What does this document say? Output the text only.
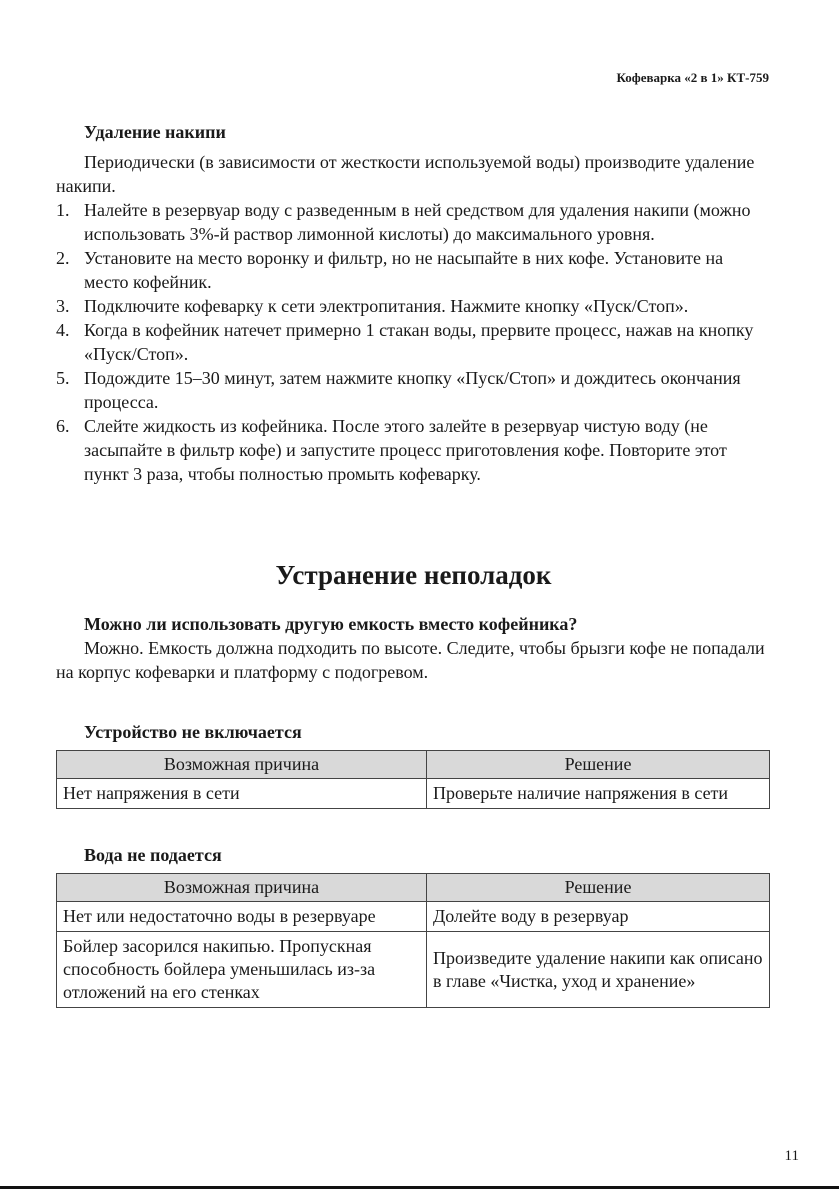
Кофеварка «2 в 1» КТ-759
Удаление накипи

Периодически (в зависимости от жесткости используемой воды) производите удаление накипи.

1. Налейте в резервуар воду с разведенным в ней средством для удаления накипи (можно использовать 3%-й раствор лимонной кислоты) до максимального уровня.
2. Установите на место воронку и фильтр, но не насыпайте в них кофе. Установите на место кофейник.
3. Подключите кофеварку к сети электропитания. Нажмите кнопку «Пуск/Стоп».
4. Когда в кофейник натечет примерно 1 стакан воды, прервите процесс, нажав на кнопку «Пуск/Стоп».
5. Подождите 15–30 минут, затем нажмите кнопку «Пуск/Стоп» и дождитесь окончания процесса.
6. Слейте жидкость из кофейника. После этого залейте в резервуар чистую воду (не засыпайте в фильтр кофе) и запустите процесс приготовления кофе. Повторите этот пункт 3 раза, чтобы полностью промыть кофеварку.
Устранение неполадок
Можно ли использовать другую емкость вместо кофейника?

Можно. Емкость должна подходить по высоте. Следите, чтобы брызги кофе не попадали на корпус кофеварки и платформу с подогревом.

Устройство не включается
Возможная причина	Решение
Нет напряжения в сети	Проверьте наличие напряжения в сети
Вода не подается
Возможная причина	Решение
Нет или недостаточно воды в резервуаре	Долейте воду в резервуар
Бойлер засорился накипью. Пропускная способность бойлера уменьшилась из-за отложений на его стенках	Произведите удаление накипи как описано в главе «Чистка, уход и хранение»
11
